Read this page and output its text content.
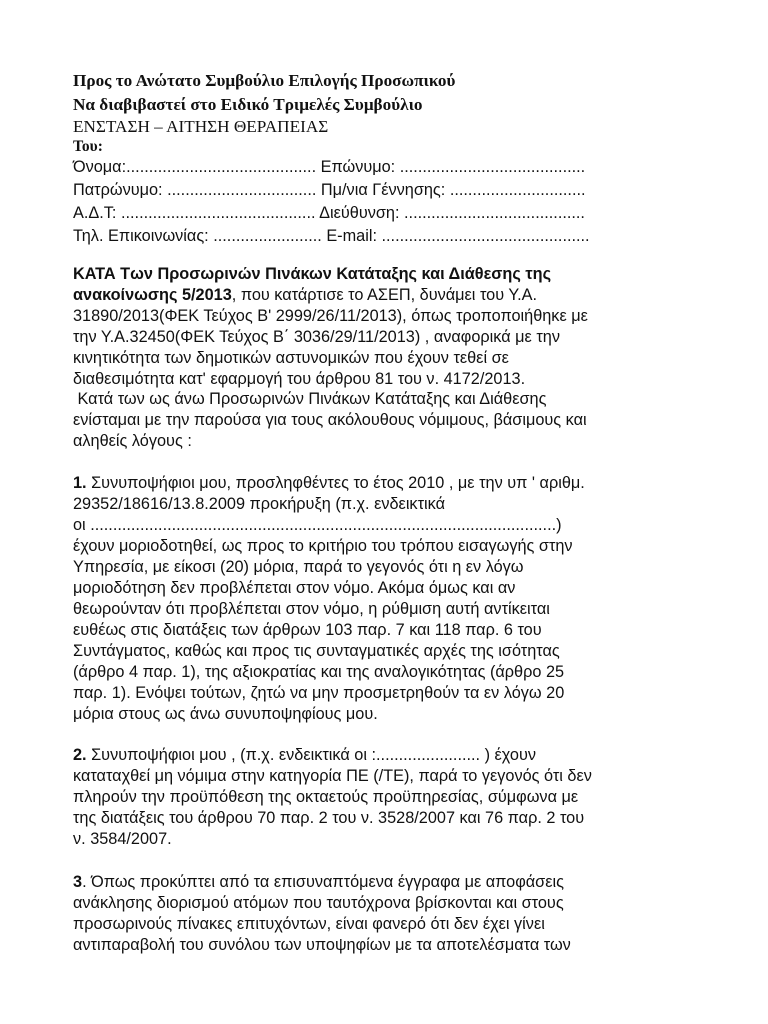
Προς το Ανώτατο Συμβούλιο Επιλογής Προσωπικού

Να διαβιβαστεί στο Ειδικό Τριμελές Συμβούλιο

ΕΝΣΤΑΣΗ – ΑΙΤΗΣΗ ΘΕΡΑΠΕΙΑΣ

Του:

Όνομα:.......................................... Επώνυμο: .........................................

Πατρώνυμο: ................................. Πμ/νια Γέννησης: ..............................

Α.Δ.Τ: ........................................... Διεύθυνση: ........................................

Τηλ. Επικοινωνίας: ........................ E-mail: ..............................................

ΚΑΤΑ Των Προσωρινών Πινάκων Κατάταξης και Διάθεσης της

ανακοίνωσης 5/2013, που κατάρτισε το ΑΣΕΠ, δυνάμει του Υ.Α.

31890/2013(ΦΕΚ Τεύχος Β' 2999/26/11/2013), όπως τροποποιήθηκε με

την Υ.Α.32450(ΦΕΚ Τεύχος Β΄ 3036/29/11/2013) , αναφορικά με την

κινητικότητα των δημοτικών αστυνομικών που έχουν τεθεί σε

διαθεσιμότητα κατ' εφαρμογή του άρθρου 81 του ν. 4172/2013.

Κατά των ως άνω Προσωρινών Πινάκων Κατάταξης και Διάθεσης

ενίσταμαι με την παρούσα για τους ακόλουθους νόμιμους, βάσιμους και

αληθείς λόγους :

1. Συνυποψήφιοι μου, προσληφθέντες το έτος 2010 , με την υπ ' αριθμ.

29352/18616/13.8.2009 προκήρυξη (π.χ. ενδεικτικά

οι .......................................................................................................)

έχουν μοριοδοτηθεί, ως προς το κριτήριο του τρόπου εισαγωγής στην

Υπηρεσία, με είκοσι (20) μόρια, παρά το γεγονός ότι η εν λόγω

μοριοδότηση δεν προβλέπεται στον νόμο. Ακόμα όμως και αν

θεωρούνταν ότι προβλέπεται στον νόμο, η ρύθμιση αυτή αντίκειται

ευθέως στις διατάξεις των άρθρων 103 παρ. 7 και 118 παρ. 6 του

Συντάγματος, καθώς και προς τις συνταγματικές αρχές της ισότητας

(άρθρο 4 παρ. 1), της αξιοκρατίας και της αναλογικότητας (άρθρο 25

παρ. 1). Ενόψει τούτων, ζητώ να μην προσμετρηθούν τα εν λόγω 20

μόρια στους ως άνω συνυποψηφίους μου.

2. Συνυποψήφιοι μου , (π.χ. ενδεικτικά οι :....................... ) έχουν

καταταχθεί μη νόμιμα στην κατηγορία ΠΕ (/ΤΕ), παρά το γεγονός ότι δεν

πληρούν την προϋπόθεση της οκταετούς προϋπηρεσίας, σύμφωνα με

της διατάξεις του άρθρου 70 παρ. 2 του ν. 3528/2007 και 76 παρ. 2 του

ν. 3584/2007.

3. Όπως προκύπτει από τα επισυναπτόμενα έγγραφα με αποφάσεις

ανάκλησης διορισμού ατόμων που ταυτόχρονα βρίσκονται και στους

προσωρινούς πίνακες επιτυχόντων, είναι φανερό ότι δεν έχει γίνει

αντιπαραβολή του συνόλου των υποψηφίων με τα αποτελέσματα των
